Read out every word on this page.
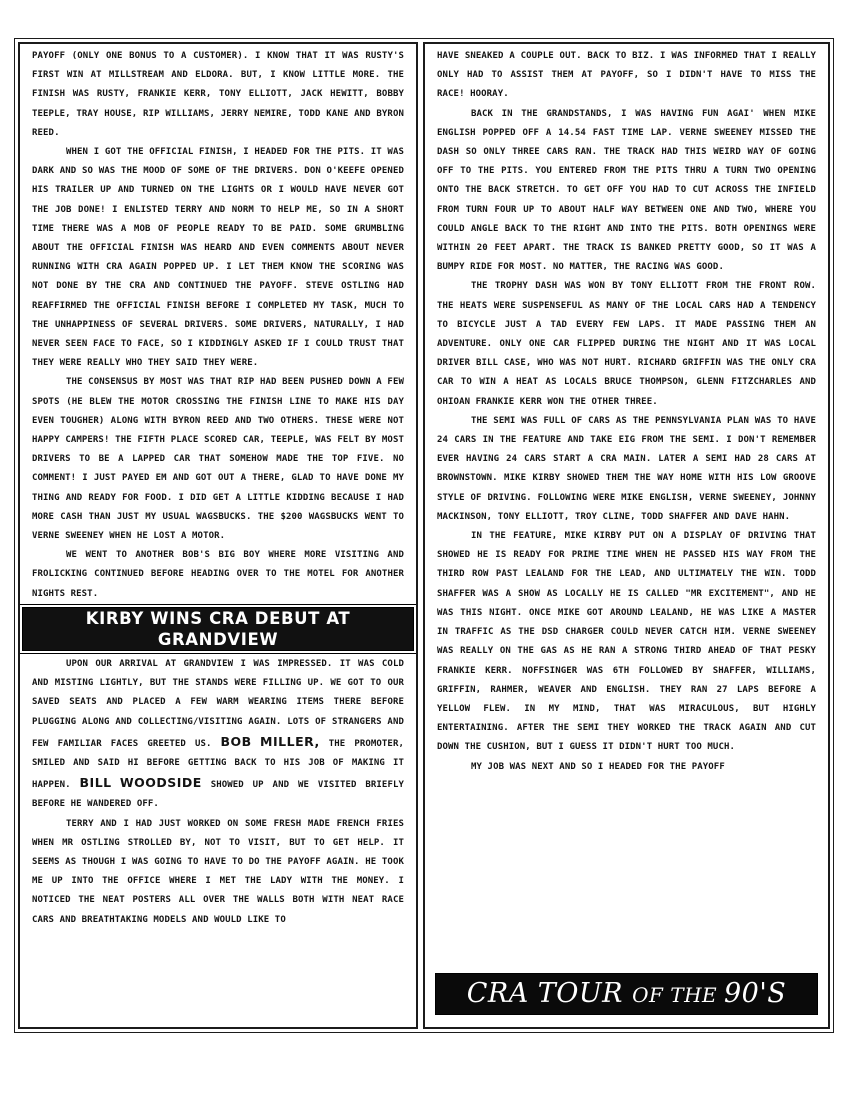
PAYOFF (ONLY ONE BONUS TO A CUSTOMER). I KNOW THAT IT WAS RUSTY'S FIRST WIN AT MILLSTREAM AND ELDORA. BUT, I KNOW LITTLE MORE. THE FINISH WAS RUSTY, FRANKIE KERR, TONY ELLIOTT, JACK HEWITT, BOBBY TEEPLE, TRAY HOUSE, RIP WILLIAMS, JERRY NEMIRE, TODD KANE AND BYRON REED.

WHEN I GOT THE OFFICIAL FINISH, I HEADED FOR THE PITS. IT WAS DARK AND SO WAS THE MOOD OF SOME OF THE DRIVERS. DON O'KEEFE OPENED HIS TRAILER UP AND TURNED ON THE LIGHTS OR I WOULD HAVE NEVER GOT THE JOB DONE! I ENLISTED TERRY AND NORM TO HELP ME, SO IN A SHORT TIME THERE WAS A MOB OF PEOPLE READY TO BE PAID. SOME GRUMBLING ABOUT THE OFFICIAL FINISH WAS HEARD AND EVEN COMMENTS ABOUT NEVER RUNNING WITH CRA AGAIN POPPED UP. I LET THEM KNOW THE SCORING WAS NOT DONE BY THE CRA AND CONTINUED THE PAYOFF. STEVE OSTLING HAD REAFFIRMED THE OFFICIAL FINISH BEFORE I COMPLETED MY TASK, MUCH TO THE UNHAPPINESS OF SEVERAL DRIVERS. SOME DRIVERS, NATURALLY, I HAD NEVER SEEN FACE TO FACE, SO I KIDDINGLY ASKED IF I COULD TRUST THAT THEY WERE REALLY WHO THEY SAID THEY WERE.

THE CONSENSUS BY MOST WAS THAT RIP HAD BEEN PUSHED DOWN A FEW SPOTS (HE BLEW THE MOTOR CROSSING THE FINISH LINE TO MAKE HIS DAY EVEN TOUGHER) ALONG WITH BYRON REED AND TWO OTHERS. THESE WERE NOT HAPPY CAMPERS! THE FIFTH PLACE SCORED CAR, TEEPLE, WAS FELT BY MOST DRIVERS TO BE A LAPPED CAR THAT SOMEHOW MADE THE TOP FIVE. NO COMMENT! I JUST PAYED EM AND GOT OUT A THERE, GLAD TO HAVE DONE MY THING AND READY FOR FOOD. I DID GET A LITTLE KIDDING BECAUSE I HAD MORE CASH THAN JUST MY USUAL WAGSBUCKS. THE $200 WAGSBUCKS WENT TO VERNE SWEENEY WHEN HE LOST A MOTOR.

WE WENT TO ANOTHER BOB'S BIG BOY WHERE MORE VISITING AND FROLICKING CONTINUED BEFORE HEADING OVER TO THE MOTEL FOR ANOTHER NIGHTS REST.

KIRBY WINS CRA DEBUT AT GRANDVIEW

UPON OUR ARRIVAL AT GRANDVIEW I WAS IMPRESSED. IT WAS COLD AND MISTING LIGHTLY, BUT THE STANDS WERE FILLING UP. WE GOT TO OUR SAVED SEATS AND PLACED A FEW WARM WEARING ITEMS THERE BEFORE PLUGGING ALONG AND COLLECTING/VISITING AGAIN. LOTS OF STRANGERS AND FEW FAMILIAR FACES GREETED US. BOB MILLER, THE PROMOTER, SMILED AND SAID HI BEFORE GETTING BACK TO HIS JOB OF MAKING IT HAPPEN. BILL WOODSIDE SHOWED UP AND WE VISITED BRIEFLY BEFORE HE WANDERED OFF.

TERRY AND I HAD JUST WORKED ON SOME FRESH MADE FRENCH FRIES WHEN MR OSTLING STROLLED BY, NOT TO VISIT, BUT TO GET HELP. IT SEEMS AS THOUGH I WAS GOING TO HAVE TO DO THE PAYOFF AGAIN. HE TOOK ME UP INTO THE OFFICE WHERE I MET THE LADY WITH THE MONEY. I NOTICED THE NEAT POSTERS ALL OVER THE WALLS BOTH WITH NEAT RACE CARS AND BREATHTAKING MODELS AND WOULD LIKE TO

HAVE SNEAKED A COUPLE OUT. BACK TO BIZ. I WAS INFORMED THAT I REALLY ONLY HAD TO ASSIST THEM AT PAYOFF, SO I DIDN'T HAVE TO MISS THE RACE! HOORAY.

BACK IN THE GRANDSTANDS, I WAS HAVING FUN AGAI' WHEN MIKE ENGLISH POPPED OFF A 14.54 FAST TIME LAP. VERNE SWEENEY MISSED THE DASH SO ONLY THREE CARS RAN. THE TRACK HAD THIS WEIRD WAY OF GOING OFF TO THE PITS. YOU ENTERED FROM THE PITS THRU A TURN TWO OPENING ONTO THE BACK STRETCH. TO GET OFF YOU HAD TO CUT ACROSS THE INFIELD FROM TURN FOUR UP TO ABOUT HALF WAY BETWEEN ONE AND TWO, WHERE YOU COULD ANGLE BACK TO THE RIGHT AND INTO THE PITS. BOTH OPENINGS WERE WITHIN 20 FEET APART. THE TRACK IS BANKED PRETTY GOOD, SO IT WAS A BUMPY RIDE FOR MOST. NO MATTER, THE RACING WAS GOOD.

THE TROPHY DASH WAS WON BY TONY ELLIOTT FROM THE FRONT ROW. THE HEATS WERE SUSPENSEFUL AS MANY OF THE LOCAL CARS HAD A TENDENCY TO BICYCLE JUST A TAD EVERY FEW LAPS. IT MADE PASSING THEM AN ADVENTURE. ONLY ONE CAR FLIPPED DURING THE NIGHT AND IT WAS LOCAL DRIVER BILL CASE, WHO WAS NOT HURT. RICHARD GRIFFIN WAS THE ONLY CRA CAR TO WIN A HEAT AS LOCALS BRUCE THOMPSON, GLENN FITZCHARLES AND OHIOAN FRANKIE KERR WON THE OTHER THREE.

THE SEMI WAS FULL OF CARS AS THE PENNSYLVANIA PLAN WAS TO HAVE 24 CARS IN THE FEATURE AND TAKE EIG FROM THE SEMI. I DON'T REMEMBER EVER HAVING 24 CARS START A CRA MAIN. LATER A SEMI HAD 28 CARS AT BROWNSTOWN. MIKE KIRBY SHOWED THEM THE WAY HOME WITH HIS LOW GROOVE STYLE OF DRIVING. FOLLOWING WERE MIKE ENGLISH, VERNE SWEENEY, JOHNNY MACKINSON, TONY ELLIOTT, TROY CLINE, TODD SHAFFER AND DAVE HAHN.

IN THE FEATURE, MIKE KIRBY PUT ON A DISPLAY OF DRIVING THAT SHOWED HE IS READY FOR PRIME TIME WHEN HE PASSED HIS WAY FROM THE THIRD ROW PAST LEALAND FOR THE LEAD, AND ULTIMATELY THE WIN. TODD SHAFFER WAS A SHOW AS LOCALLY HE IS CALLED "MR EXCITEMENT", AND HE WAS THIS NIGHT. ONCE MIKE GOT AROUND LEALAND, HE WAS LIKE A MASTER IN TRAFFIC AS THE DSD CHARGER COULD NEVER CATCH HIM. VERNE SWEENEY WAS REALLY ON THE GAS AS HE RAN A STRONG THIRD AHEAD OF THAT PESKY FRANKIE KERR. NOFFSINGER WAS 6TH FOLLOWED BY SHAFFER, WILLIAMS, GRIFFIN, RAHMER, WEAVER AND ENGLISH. THEY RAN 27 LAPS BEFORE A YELLOW FLEW. IN MY MIND, THAT WAS MIRACULOUS, BUT HIGHLY ENTERTAINING. AFTER THE SEMI THEY WORKED THE TRACK AGAIN AND CUT DOWN THE CUSHION, BUT I GUESS IT DIDN'T HURT TOO MUCH.

MY JOB WAS NEXT AND SO I HEADED FOR THE PAYOFF

CRA TOUR OF THE 90'S
